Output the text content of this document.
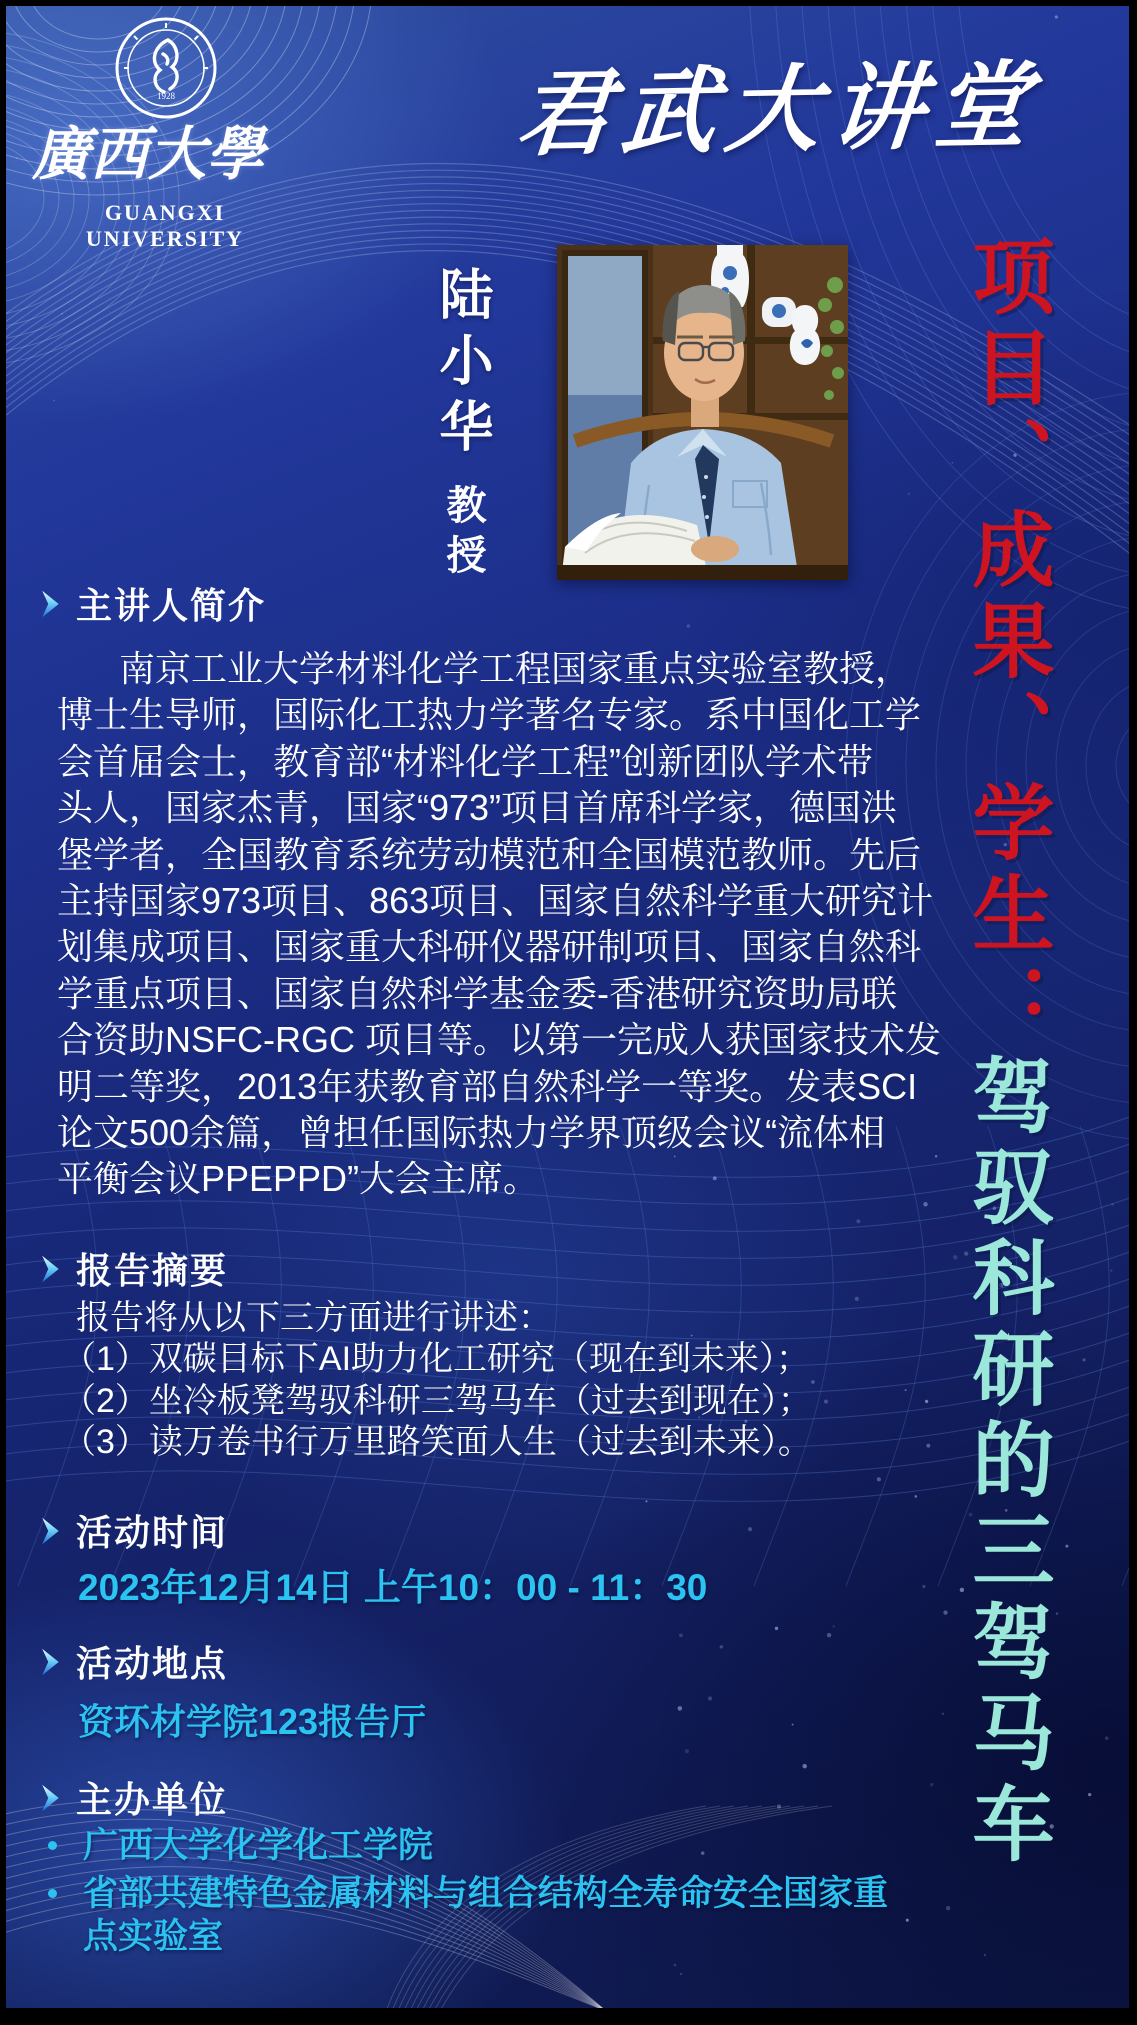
1928
廣西大學
GUANGXI UNIVERSITY
君武大讲堂
陆小华
教授	项目、成果、学生：驾驭科研的三驾马车
主讲人简介
南京工业大学材料化学工程国家重点实验室教授，
博士生导师，国际化工热力学著名专家。系中国化工学
会首届会士，教育部“材料化学工程”创新团队学术带
头人，国家杰青，国家“973”项目首席科学家，德国洪
堡学者，全国教育系统劳动模范和全国模范教师。先后
主持国家973项目、863项目、国家自然科学重大研究计
划集成项目、国家重大科研仪器研制项目、国家自然科
学重点项目、国家自然科学基金委-香港研究资助局联
合资助NSFC-RGC 项目等。以第一完成人获国家技术发
明二等奖，2013年获教育部自然科学一等奖。发表SCI
论文500余篇，曾担任国际热力学界顶级会议“流体相
平衡会议PPEPPD”大会主席。
报告摘要
报告将从以下三方面进行讲述：
（1）双碳目标下AI助力化工研究（现在到未来）；
（2）坐冷板凳驾驭科研三驾马车（过去到现在）；
（3）读万卷书行万里路笑面人生（过去到未来）。
活动时间
2023年12月14日 上午10：00 - 11：30
活动地点
资环材学院123报告厅
主办单位
广西大学化学化工学院
省部共建特色金属材料与组合结构全寿命安全国家重点实验室
